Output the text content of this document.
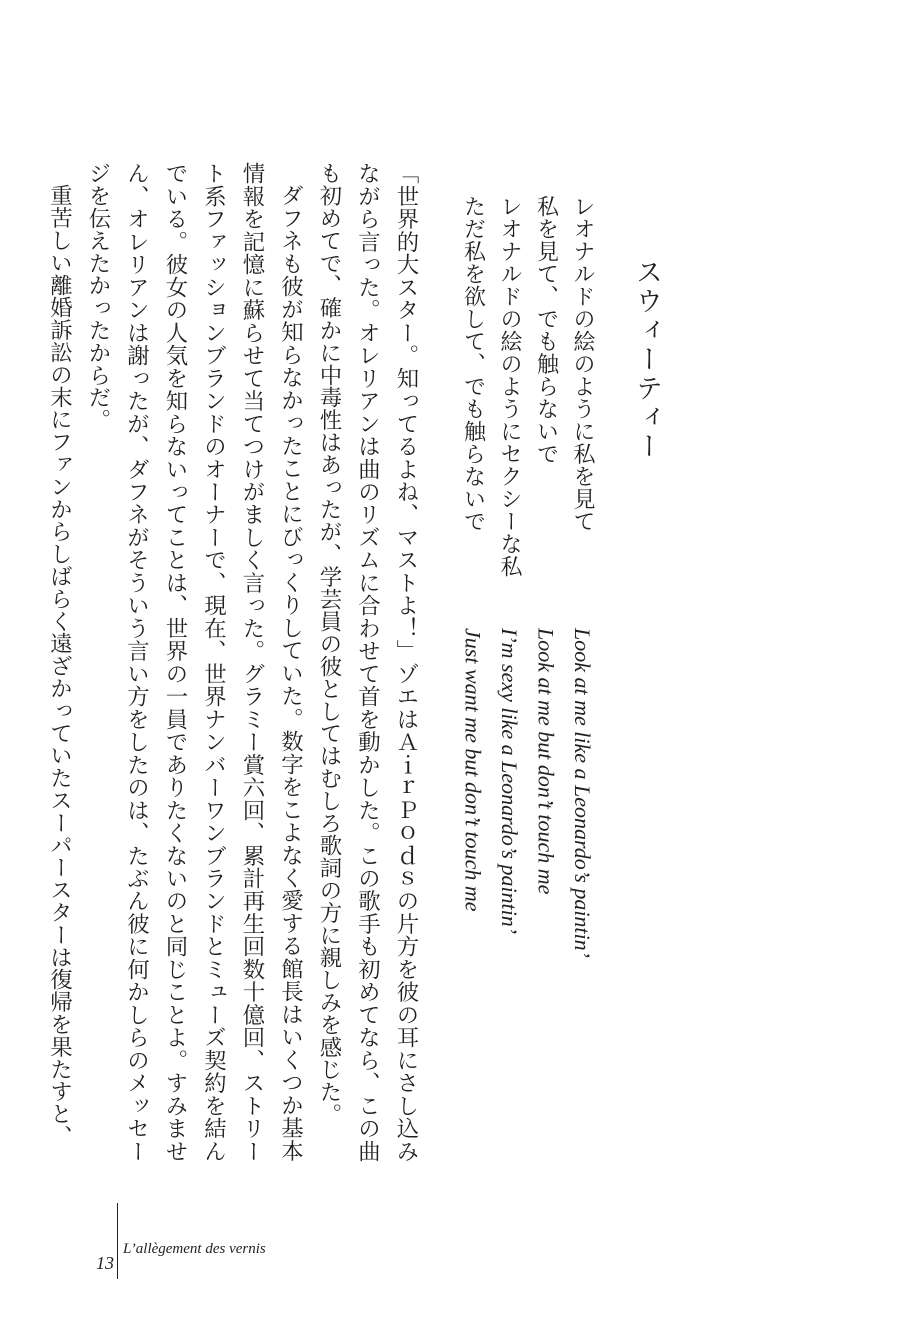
スウィーティー
レオナルドの絵のように私を見て
私を見て、でも触らないで
レオナルドの絵のようにセクシーな私
ただ私を欲して、でも触らないで
Look at me like a Leonardo’s paintin’
Look at me but don’t touch me
I’m sexy like a Leonardo’s paintin’
Just want me but don’t touch me

「世界的大スター。知ってるよね、マストよ！」ゾエはＡｉｒＰｏｄｓの片方を彼の耳にさし込みながら言った。オレリアンは曲のリズムに合わせて首を動かした。この歌手も初めてなら、この曲も初めてで、確かに中毒性はあったが、学芸員の彼としてはむしろ歌詞の方に親しみを感じた。

ダフネも彼が知らなかったことにびっくりしていた。数字をこよなく愛する館長はいくつか基本情報を記憶に蘇らせて当てつけがましく言った。グラミー賞六回、累計再生回数十億回、ストリート系ファッションブランドのオーナーで、現在、世界ナンバーワンブランドとミューズ契約を結んでいる。彼女の人気を知らないってことは、世界の一員でありたくないのと同じことよ。すみません、オレリアンは謝ったが、ダフネがそういう言い方をしたのは、たぶん彼に何かしらのメッセージを伝えたかったからだ。

重苦しい離婚訴訟の末にファンからしばらく遠ざかっていたスーパースターは復帰を果たすと、

13
L’allègement des vernis
